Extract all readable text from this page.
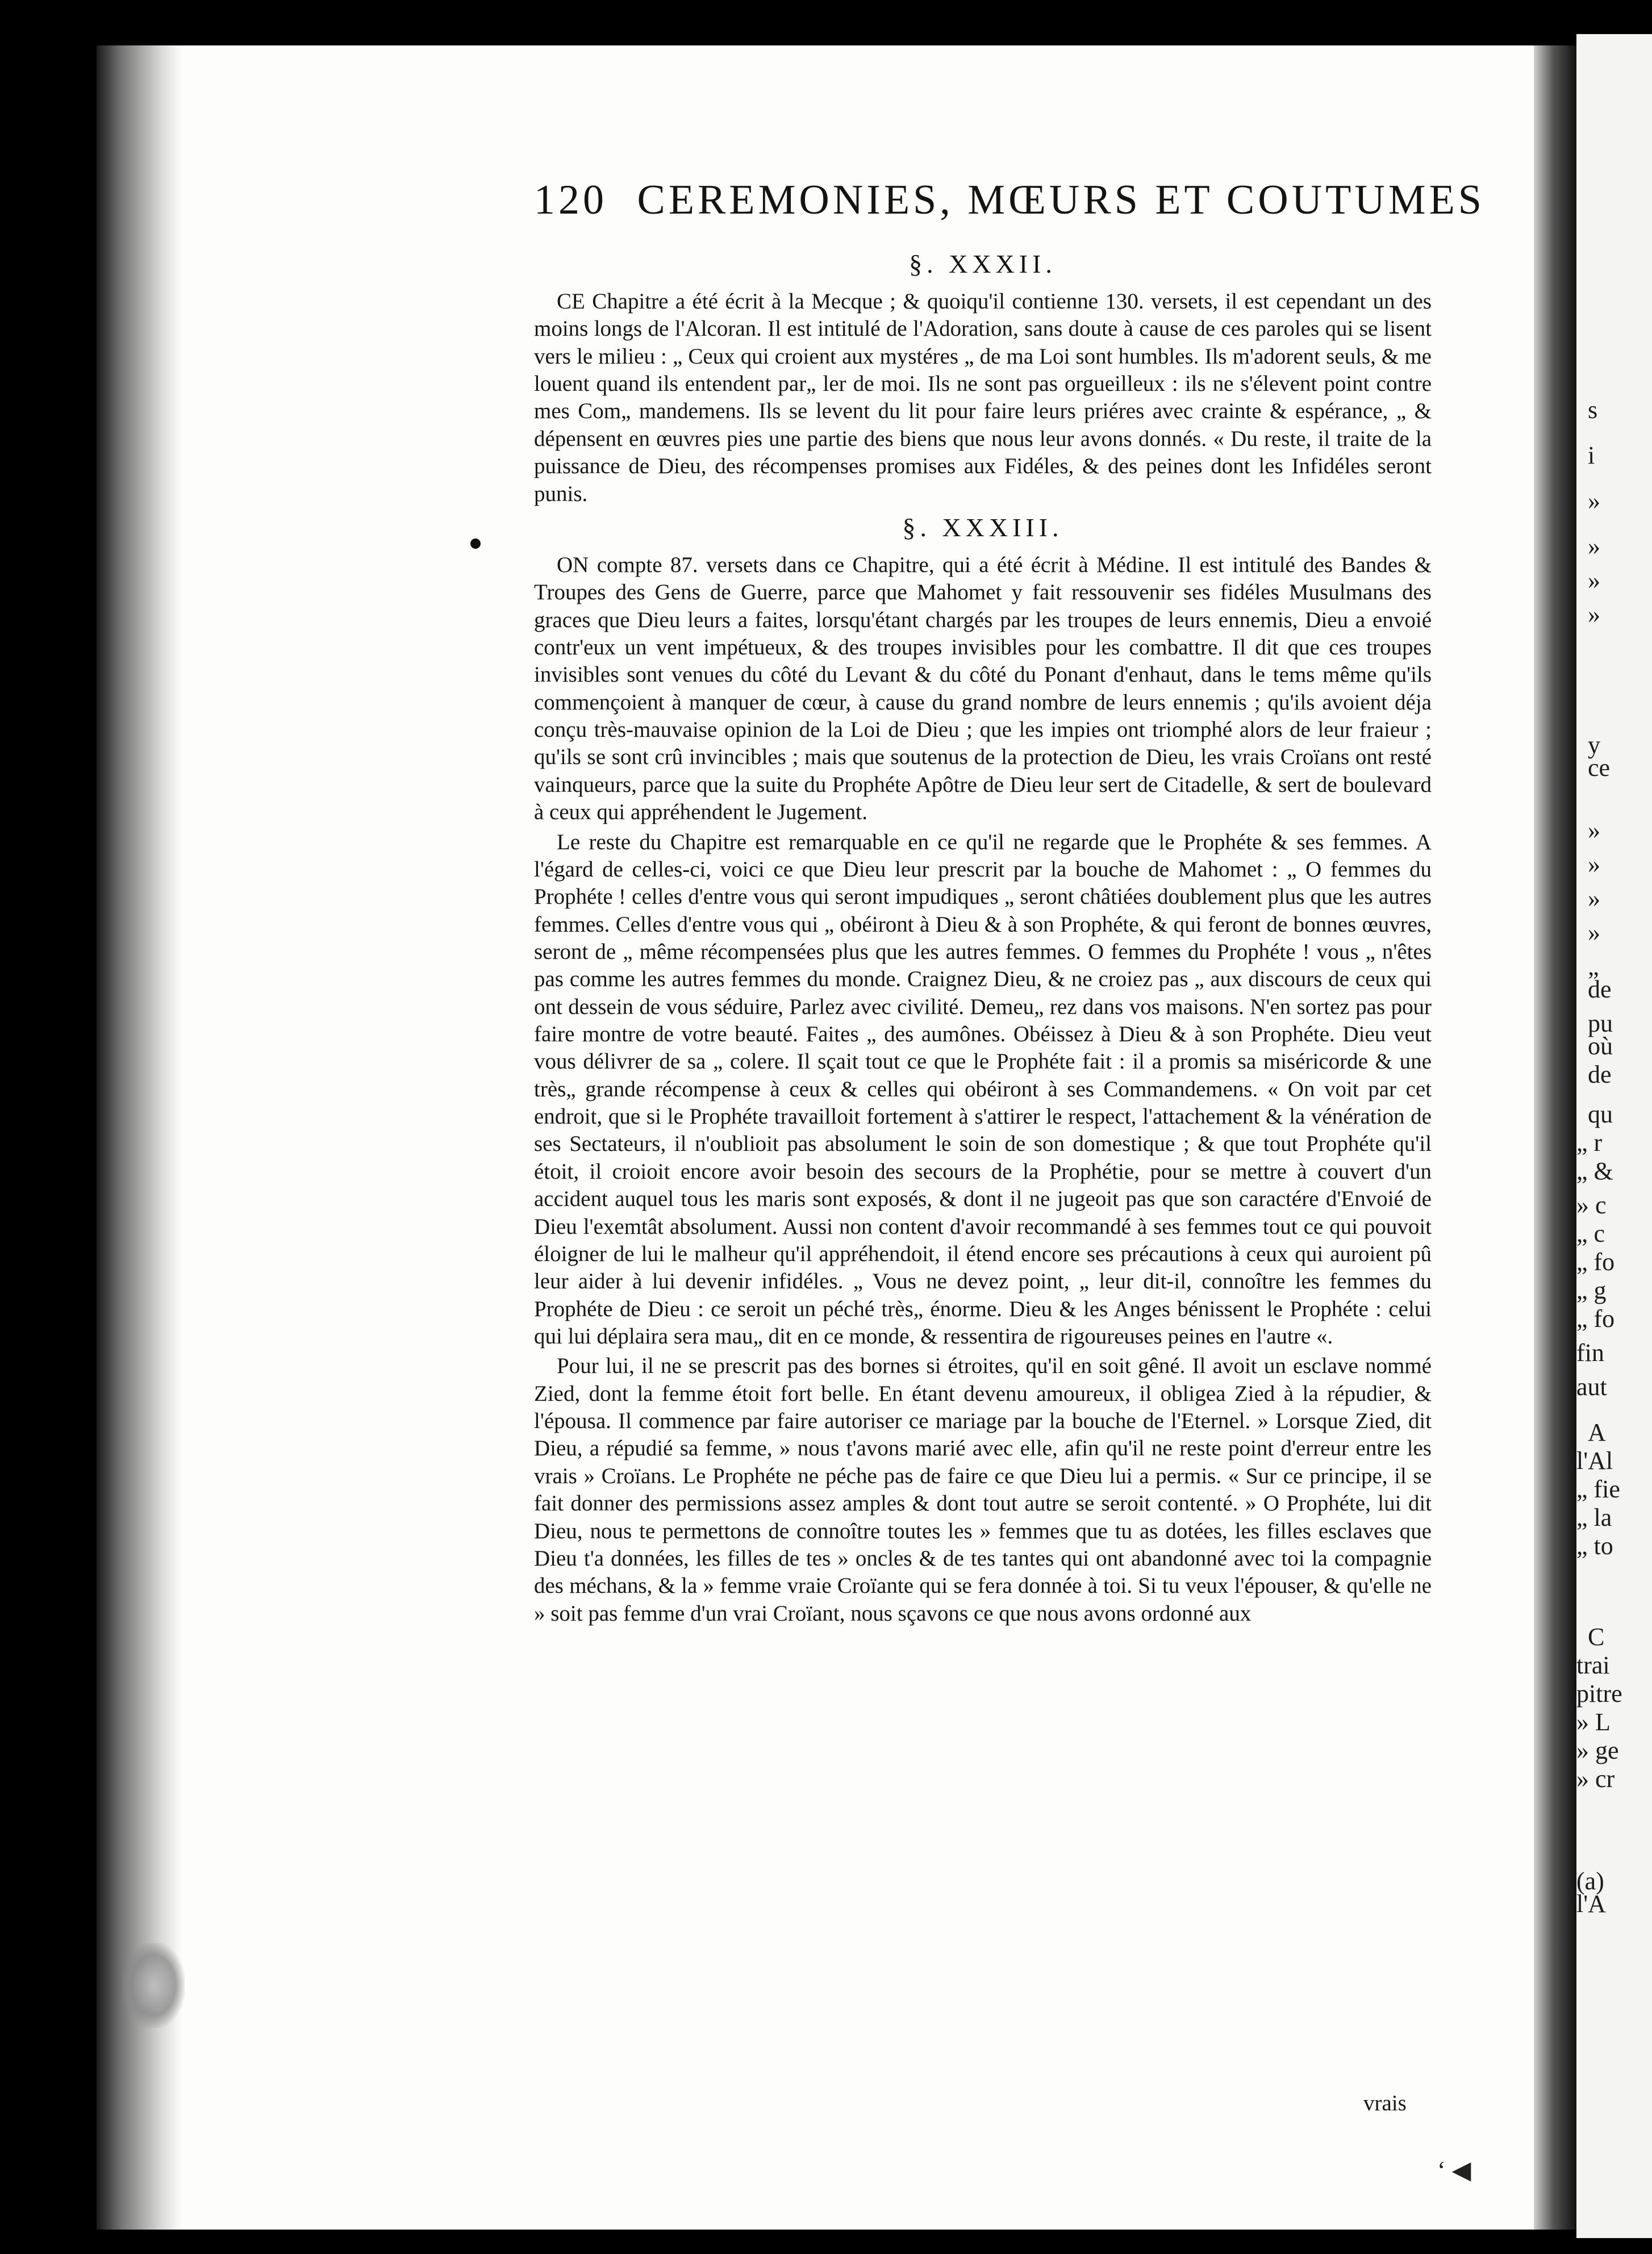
s
i
»
»
»
»
y
ce
»
»
»
»
„
de
pu
où
de
qu
„ r
„ &
» c
„ c
„ fo
„ g
„ fo
fin
aut
A
l'Al
„ fie
„ la
„ to
C
trai
pitre
» L
» ge
» cr
(a)
l'A
120 CEREMONIES, MŒURS ET COUTUMES
§. XXXII.

CE Chapitre a été écrit à la Mecque ; & quoiqu'il contienne 130. versets, il est cependant un des moins longs de l'Alcoran. Il est intitulé de l'Adoration, sans doute à cause de ces paroles qui se lisent vers le milieu : „ Ceux qui croient aux mystéres „ de ma Loi sont humbles. Ils m'adorent seuls, & me louent quand ils entendent par„ ler de moi. Ils ne sont pas orgueilleux : ils ne s'élevent point contre mes Com„ mandemens. Ils se levent du lit pour faire leurs priéres avec crainte & espérance, „ & dépensent en œuvres pies une partie des biens que nous leur avons donnés. « Du reste, il traite de la puissance de Dieu, des récompenses promises aux Fidéles, & des peines dont les Infidéles seront punis.

§. XXXIII.

ON compte 87. versets dans ce Chapitre, qui a été écrit à Médine. Il est intitulé des Bandes & Troupes des Gens de Guerre, parce que Mahomet y fait ressouvenir ses fidéles Musulmans des graces que Dieu leurs a faites, lorsqu'étant chargés par les troupes de leurs ennemis, Dieu a envoié contr'eux un vent impétueux, & des troupes invisibles pour les combattre. Il dit que ces troupes invisibles sont venues du côté du Levant & du côté du Ponant d'enhaut, dans le tems même qu'ils commençoient à manquer de cœur, à cause du grand nombre de leurs ennemis ; qu'ils avoient déja conçu très-mauvaise opinion de la Loi de Dieu ; que les impies ont triomphé alors de leur fraieur ; qu'ils se sont crû invincibles ; mais que soutenus de la protection de Dieu, les vrais Croïans ont resté vainqueurs, parce que la suite du Prophéte Apôtre de Dieu leur sert de Citadelle, & sert de boulevard à ceux qui appréhendent le Jugement.

Le reste du Chapitre est remarquable en ce qu'il ne regarde que le Prophéte & ses femmes. A l'égard de celles-ci, voici ce que Dieu leur prescrit par la bouche de Mahomet : „ O femmes du Prophéte ! celles d'entre vous qui seront impudiques „ seront châtiées doublement plus que les autres femmes. Celles d'entre vous qui „ obéiront à Dieu & à son Prophéte, & qui feront de bonnes œuvres, seront de „ même récompensées plus que les autres femmes. O femmes du Prophéte ! vous „ n'êtes pas comme les autres femmes du monde. Craignez Dieu, & ne croiez pas „ aux discours de ceux qui ont dessein de vous séduire, Parlez avec civilité. Demeu„ rez dans vos maisons. N'en sortez pas pour faire montre de votre beauté. Faites „ des aumônes. Obéissez à Dieu & à son Prophéte. Dieu veut vous délivrer de sa „ colere. Il sçait tout ce que le Prophéte fait : il a promis sa miséricorde & une très„ grande récompense à ceux & celles qui obéiront à ses Commandemens. « On voit par cet endroit, que si le Prophéte travailloit fortement à s'attirer le respect, l'attachement & la vénération de ses Sectateurs, il n'oublioit pas absolument le soin de son domestique ; & que tout Prophéte qu'il étoit, il croioit encore avoir besoin des secours de la Prophétie, pour se mettre à couvert d'un accident auquel tous les maris sont exposés, & dont il ne jugeoit pas que son caractére d'Envoié de Dieu l'exemtât absolument. Aussi non content d'avoir recommandé à ses femmes tout ce qui pouvoit éloigner de lui le malheur qu'il appréhendoit, il étend encore ses précautions à ceux qui auroient pû leur aider à lui devenir infidéles. „ Vous ne devez point, „ leur dit-il, connoître les femmes du Prophéte de Dieu : ce seroit un péché très„ énorme. Dieu & les Anges bénissent le Prophéte : celui qui lui déplaira sera mau„ dit en ce monde, & ressentira de rigoureuses peines en l'autre «.

Pour lui, il ne se prescrit pas des bornes si étroites, qu'il en soit gêné. Il avoit un esclave nommé Zied, dont la femme étoit fort belle. En étant devenu amoureux, il obligea Zied à la répudier, & l'épousa. Il commence par faire autoriser ce mariage par la bouche de l'Eternel. » Lorsque Zied, dit Dieu, a répudié sa femme, » nous t'avons marié avec elle, afin qu'il ne reste point d'erreur entre les vrais » Croïans. Le Prophéte ne péche pas de faire ce que Dieu lui a permis. « Sur ce principe, il se fait donner des permissions assez amples & dont tout autre se seroit contenté. » O Prophéte, lui dit Dieu, nous te permettons de connoître toutes les » femmes que tu as dotées, les filles esclaves que Dieu t'a données, les filles de tes » oncles & de tes tantes qui ont abandonné avec toi la compagnie des méchans, & la » femme vraie Croïante qui se fera donnée à toi. Si tu veux l'épouser, & qu'elle ne » soit pas femme d'un vrai Croïant, nous sçavons ce que nous avons ordonné aux

vrais
‘ ◀
